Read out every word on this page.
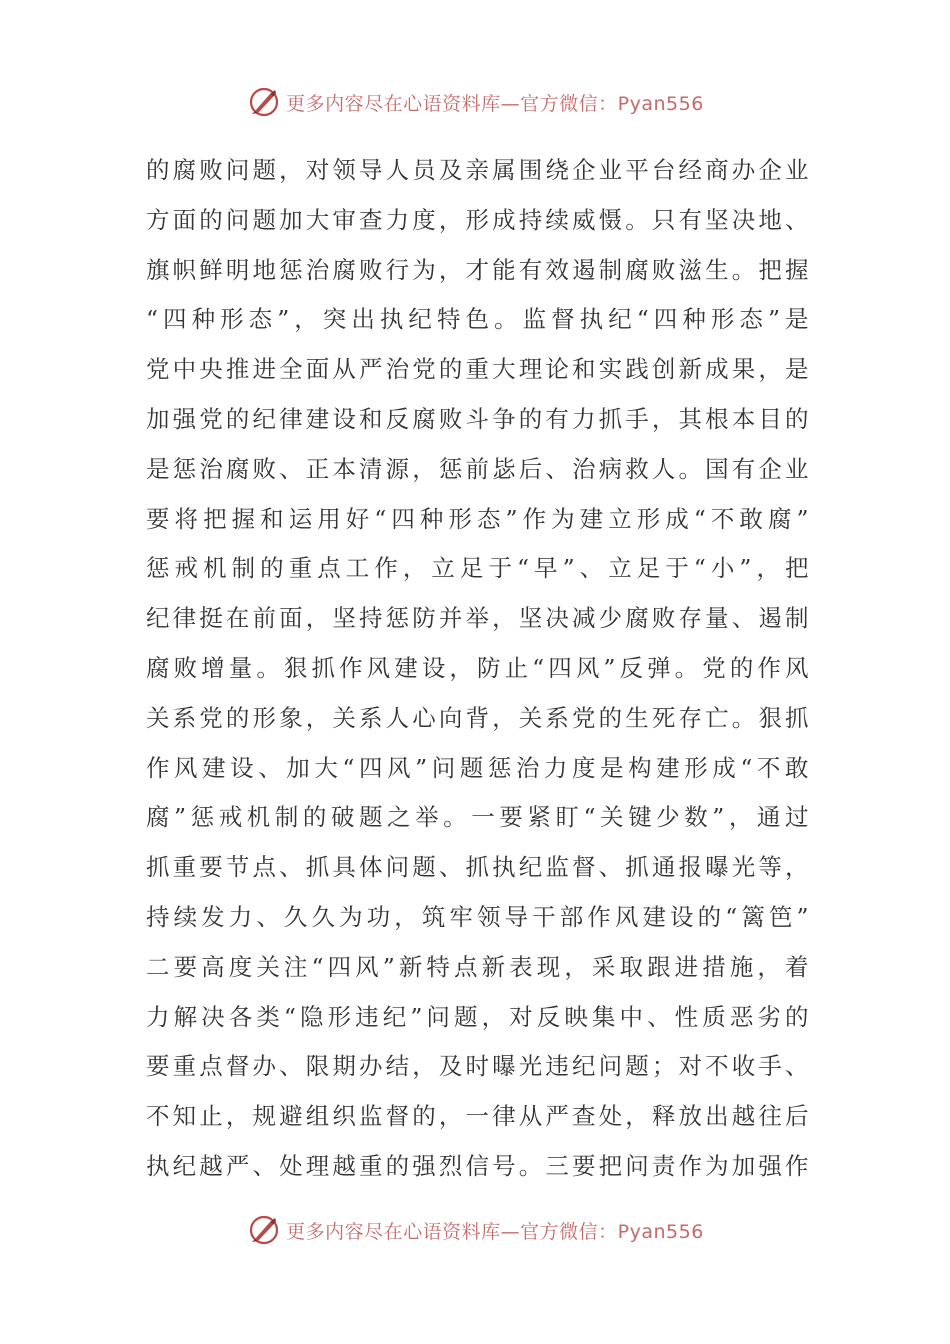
更多内容尽在心语资料库—官方微信：Pyan556
的腐败问题，对领导人员及亲属围绕企业平台经商办企业
方面的问题加大审查力度，形成持续威慑。只有坚决地、
旗帜鲜明地惩治腐败行为，才能有效遏制腐败滋生。把握
“四种形态”，突出执纪特色。监督执纪“四种形态”是
党中央推进全面从严治党的重大理论和实践创新成果，是
加强党的纪律建设和反腐败斗争的有力抓手，其根本目的
是惩治腐败、正本清源，惩前毖后、治病救人。国有企业
要将把握和运用好“四种形态”作为建立形成“不敢腐”
惩戒机制的重点工作，立足于“早”、立足于“小”，把
纪律挺在前面，坚持惩防并举，坚决减少腐败存量、遏制
腐败增量。狠抓作风建设，防止“四风”反弹。党的作风
关系党的形象，关系人心向背，关系党的生死存亡。狠抓
作风建设、加大“四风”问题惩治力度是构建形成“不敢
腐”惩戒机制的破题之举。一要紧盯“关键少数”，通过
抓重要节点、抓具体问题、抓执纪监督、抓通报曝光等，
持续发力、久久为功，筑牢领导干部作风建设的“篱笆”
二要高度关注“四风”新特点新表现，采取跟进措施，着
力解决各类“隐形违纪”问题，对反映集中、性质恶劣的
要重点督办、限期办结，及时曝光违纪问题；对不收手、
不知止，规避组织监督的，一律从严查处，释放出越往后
执纪越严、处理越重的强烈信号。三要把问责作为加强作
更多内容尽在心语资料库—官方微信：Pyan556
